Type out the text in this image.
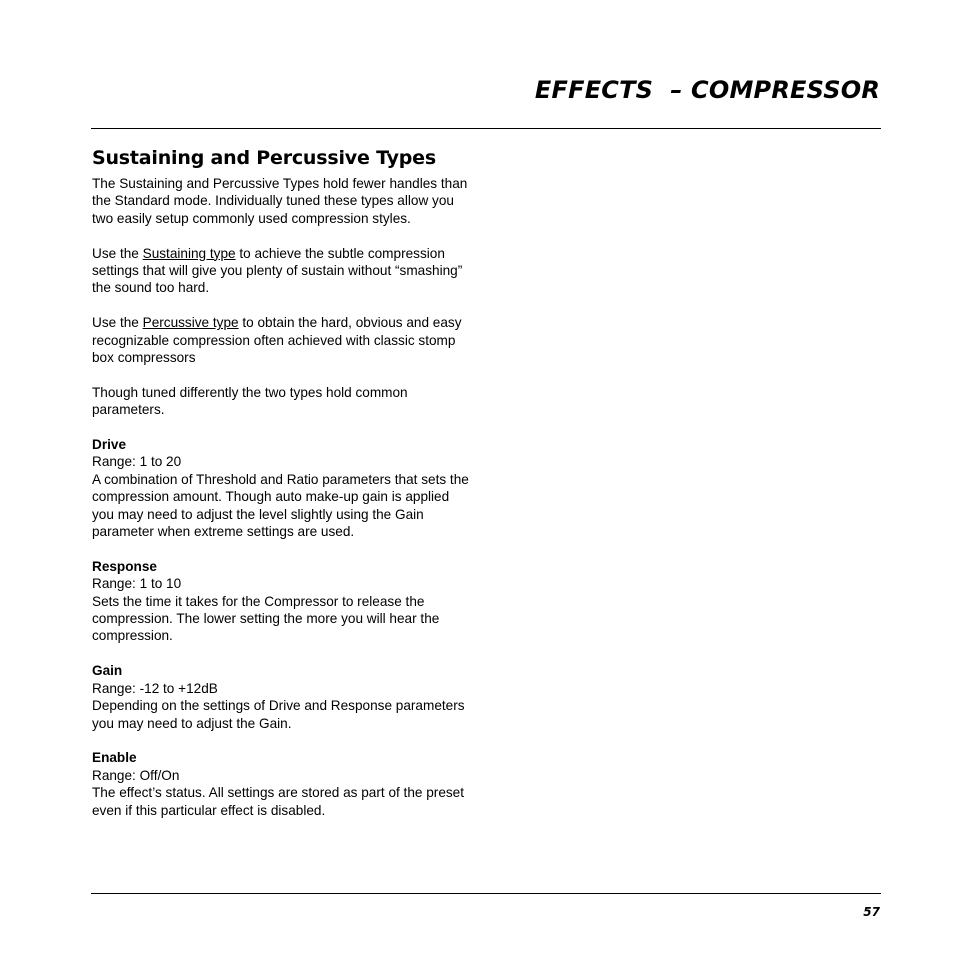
EFFECTS  – COMPRESSOR
Sustaining and Percussive Types

The Sustaining and Percussive Types hold fewer handles than the Standard mode. Individually tuned these types allow you two easily setup commonly used compression styles.

Use the Sustaining type to achieve the subtle compression settings that will give you plenty of sustain without “smashing” the sound too hard.

Use the Percussive type to obtain the hard, obvious and easy recognizable compression often achieved with classic stomp box compressors

Though tuned differently the two types hold common parameters.

Drive

Range: 1 to 20

A combination of Threshold and Ratio parameters that sets the compression amount. Though auto make-up gain is applied you may need to adjust the level slightly using the Gain parameter when extreme settings are used.

Response

Range: 1 to 10

Sets the time it takes for the Compressor to release the compression. The lower setting the more you will hear the compression.

Gain

Range: -12 to +12dB

Depending on the settings of Drive and Response parameters you may need to adjust the Gain.

Enable

Range: Off/On

The effect’s status. All settings are stored as part of the preset even if this particular effect is disabled.

57
